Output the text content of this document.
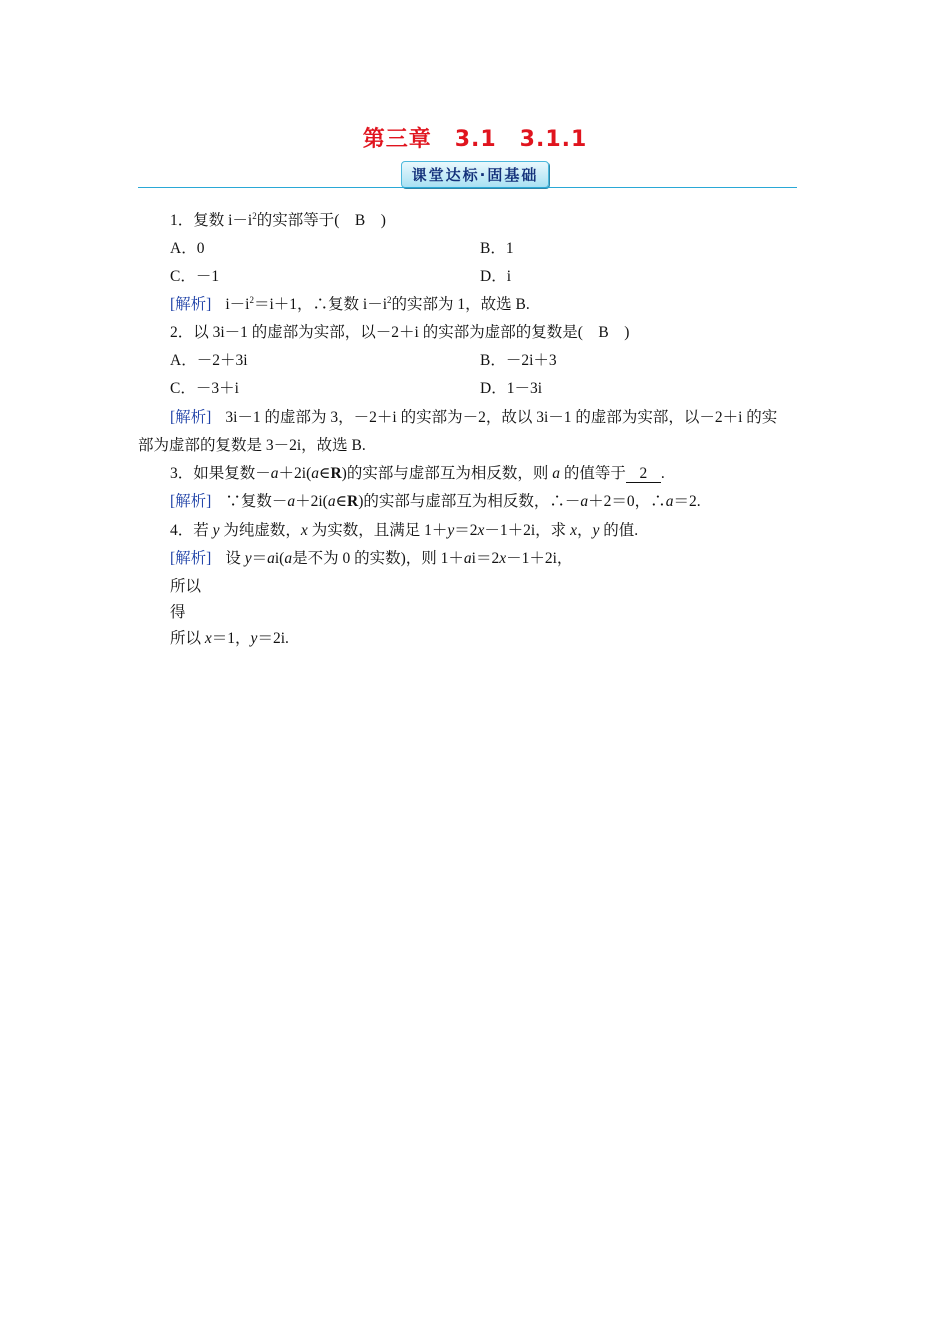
第三章　3.1　3.1.1
课堂达标·固基础
1．复数 $i-i^2$的实部等于(　B　)
A．0	B．1
C．－1	D．i
[解析] $i-i^2=i+1$，∴复数 $i-i^2$的实部为 1，故选 B.
2．以 3i－1 的虚部为实部，以－2＋i 的实部为虚部的复数是(　B　)
A．－2＋3i	B．－2i＋3
C．－3＋i	D．1－3i
[解析] 3i－1 的虚部为 3，－2＋i 的实部为－2，故以 3i－1 的虚部为实部，以－2＋i 的实
部为虚部的复数是 3－2i，故选 B.
3．如果复数－a＋2i(a∈R)的实部与虚部互为相反数，则 a 的值等于 2 .
[解析] ∵复数－a＋2i(a∈R)的实部与虚部互为相反数，∴－a＋2＝0，∴a＝2.
4．若 y 为纯虚数，x 为实数，且满足 1＋y＝2x－1＋2i，求 x，y 的值.
[解析] 设 y＝ai(a是不为 0 的实数)，则 1＋ai＝2x－1＋2i，
所以
得
所以 x＝1，y＝2i.
